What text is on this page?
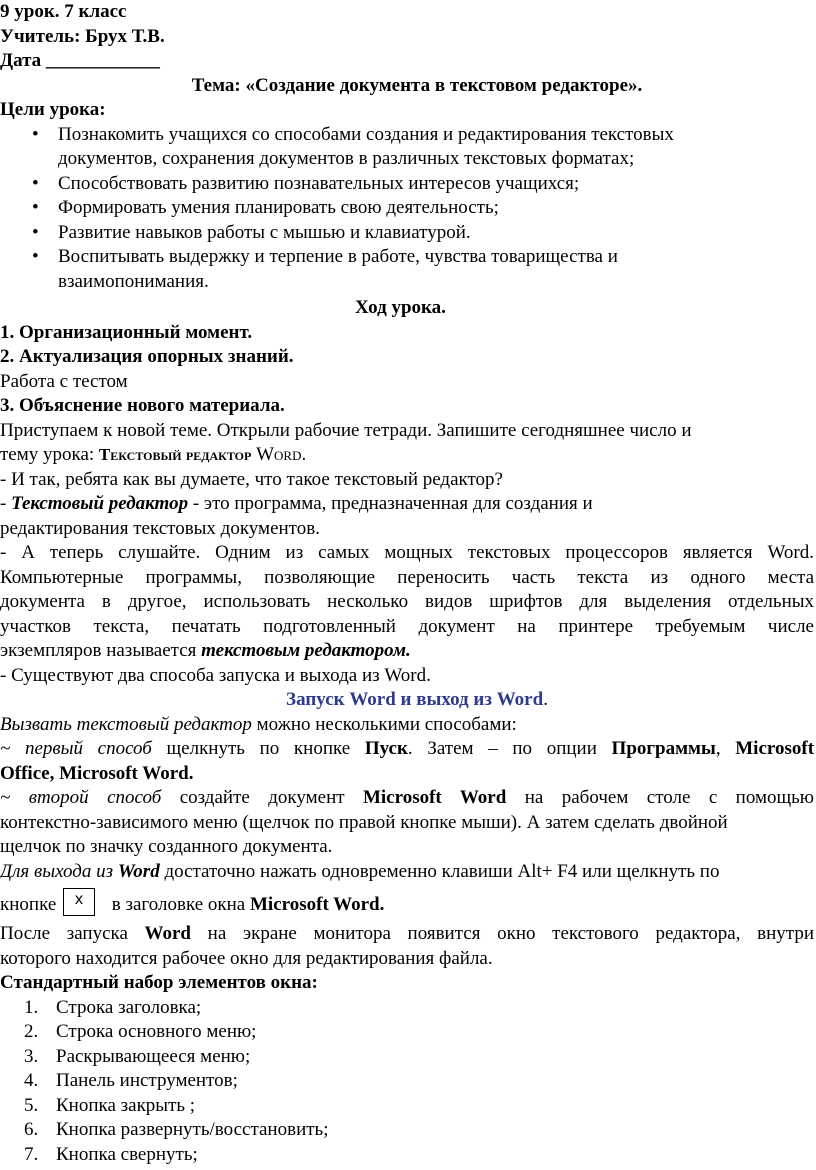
9 урок. 7 класс

Учитель: Брух Т.В.

Дата ____________

Тема: «Создание документа в текстовом редакторе».

Цели урока:

• Познакомить учащихся со способами создания и редактирования текстовых
документов, сохранения документов в различных текстовых форматах;
• Способствовать развитию познавательных интересов учащихся;
• Формировать умения планировать свою деятельность;
• Развитие навыков работы с мышью и клавиатурой.
• Воспитывать выдержку и терпение в работе, чувства товарищества и
взаимопонимания.

Ход урока.

1. Организационный момент.

2. Актуализация опорных знаний.

Работа с тестом

3. Объяснение нового материала.

Приступаем к новой теме. Открыли рабочие тетради. Запишите сегодняшнее число и

тему урока: Текстовый редактор Word.

- И так, ребята как вы думаете, что такое текстовый редактор?

- Текстовый редактор - это программа, предназначенная для создания и

редактирования текстовых документов.

- А теперь слушайте. Одним из самых мощных текстовых процессоров является Word.

Компьютерные программы, позволяющие переносить часть текста из одного места

документа в другое, использовать несколько видов шрифтов для выделения отдельных

участков текста, печатать подготовленный документ на принтере требуемым числе

экземпляров называется текстовым редактором.

- Существуют два способа запуска и выхода из Word.

Запуск Word и выход из Word.

Вызвать текстовый редактор можно несколькими способами:

~ первый способ щелкнуть по кнопке Пуск. Затем – по опции Программы, Microsoft

Office, Microsoft Word.

~ второй способ создайте документ Microsoft Word на рабочем столе с помощью

контекстно-зависимого меню (щелчок по правой кнопке мыши). А затем сделать двойной

щелчок по значку созданного документа.

Для выхода из Word достаточно нажать одновременно клавиши Alt+ F4 или щелкнуть по

кнопке x в заголовке окна Microsoft Word.

После запуска Word на экране монитора появится окно текстового редактора, внутри

которого находится рабочее окно для редактирования файла.

Стандартный набор элементов окна:

1. Строка заголовка;
2. Строка основного меню;
3. Раскрывающееся меню;
4. Панель инструментов;
5. Кнопка закрыть ;
6. Кнопка развернуть/восстановить;
7. Кнопка свернуть;
